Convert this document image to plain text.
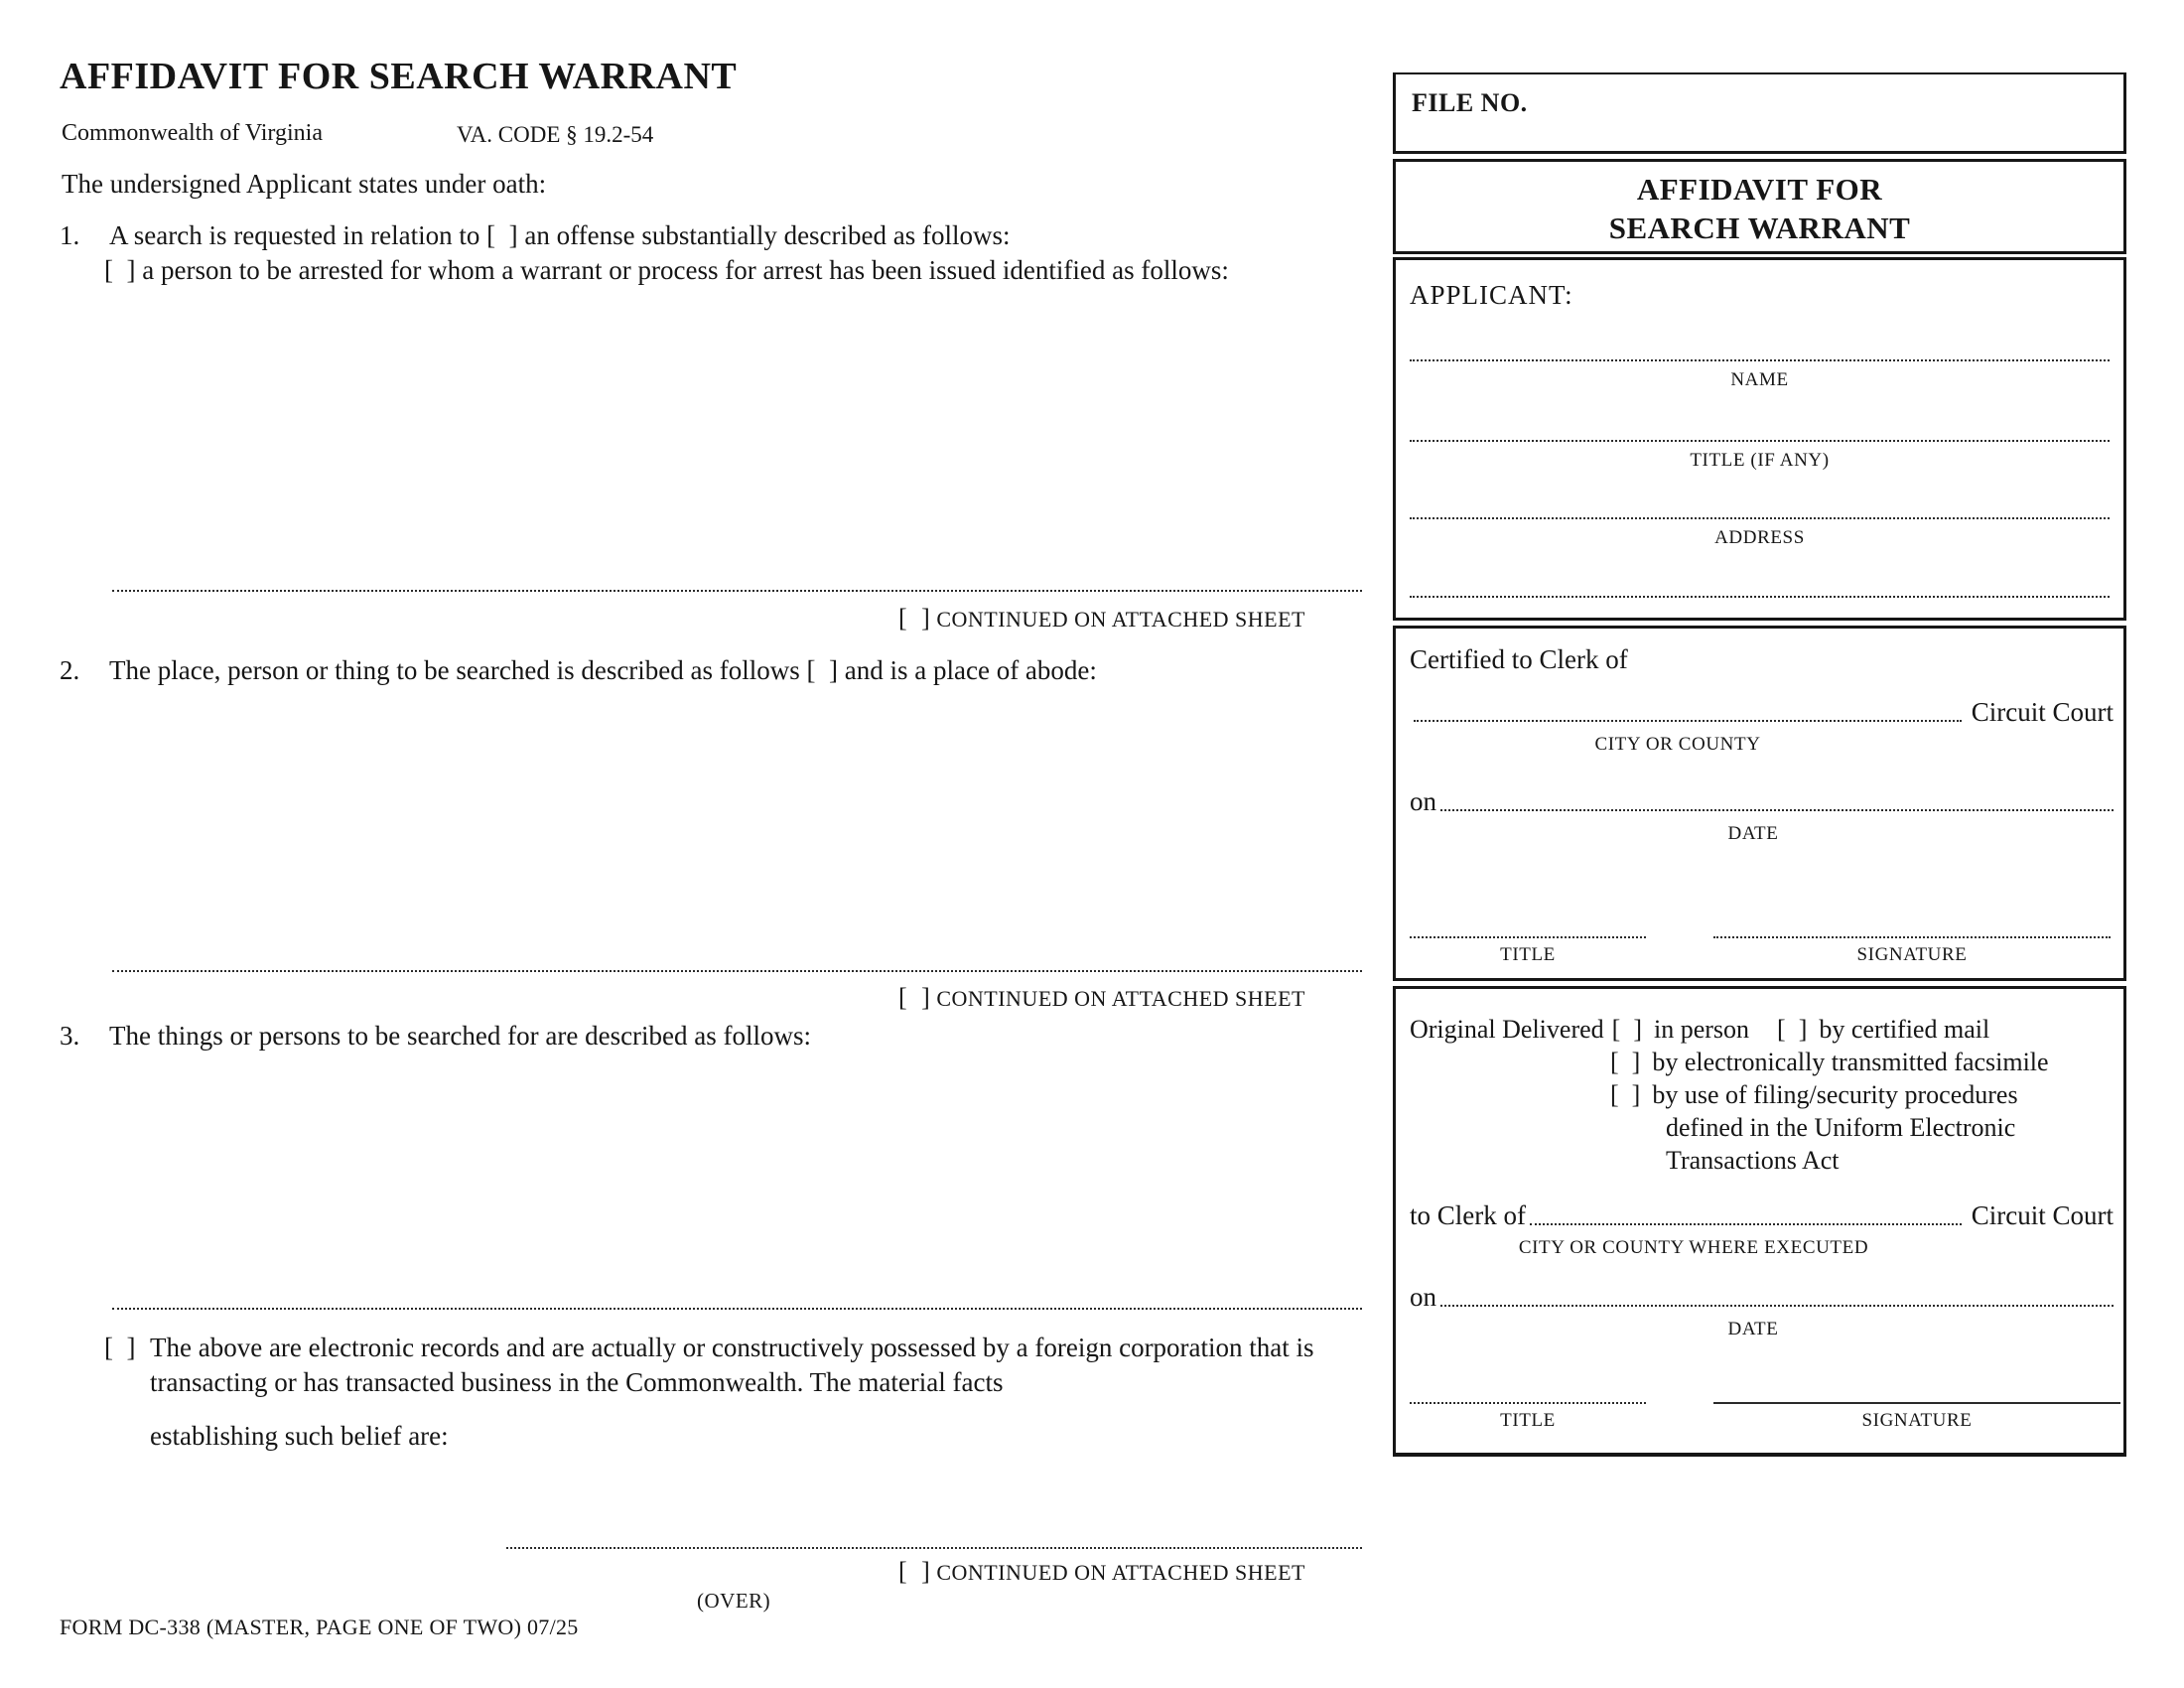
AFFIDAVIT FOR SEARCH WARRANT
Commonwealth of Virginia	VA. CODE § 19.2-54
The undersigned Applicant states under oath:
1.	A search is requested in relation to [  ] an offense substantially described as follows:
[  ] a person to be arrested for whom a warrant or process for arrest has been issued identified as follows:
[  ] CONTINUED ON ATTACHED SHEET
2.	The place, person or thing to be searched is described as follows [  ] and is a place of abode:
[  ] CONTINUED ON ATTACHED SHEET
3.	The things or persons to be searched for are described as follows:
[  ] The above are electronic records and are actually or constructively possessed by a foreign corporation that is transacting or has transacted business in the Commonwealth. The material facts
establishing such belief are:
[  ] CONTINUED ON ATTACHED SHEET
(OVER)
FORM DC-338 (MASTER, PAGE ONE OF TWO) 07/25
FILE NO.
AFFIDAVIT FOR
SEARCH WARRANT
APPLICANT:
NAME
TITLE (IF ANY)
ADDRESS
Certified to Clerk of
Circuit Court
CITY OR COUNTY
on
DATE
TITLE	SIGNATURE
Original Delivered [  ] in person [  ] by certified mail
[  ] by electronically transmitted facsimile
[  ] by use of filing/security procedures
defined in the Uniform Electronic
Transactions Act
to Clerk of	Circuit Court
CITY OR COUNTY WHERE EXECUTED
on
DATE
TITLE	SIGNATURE
